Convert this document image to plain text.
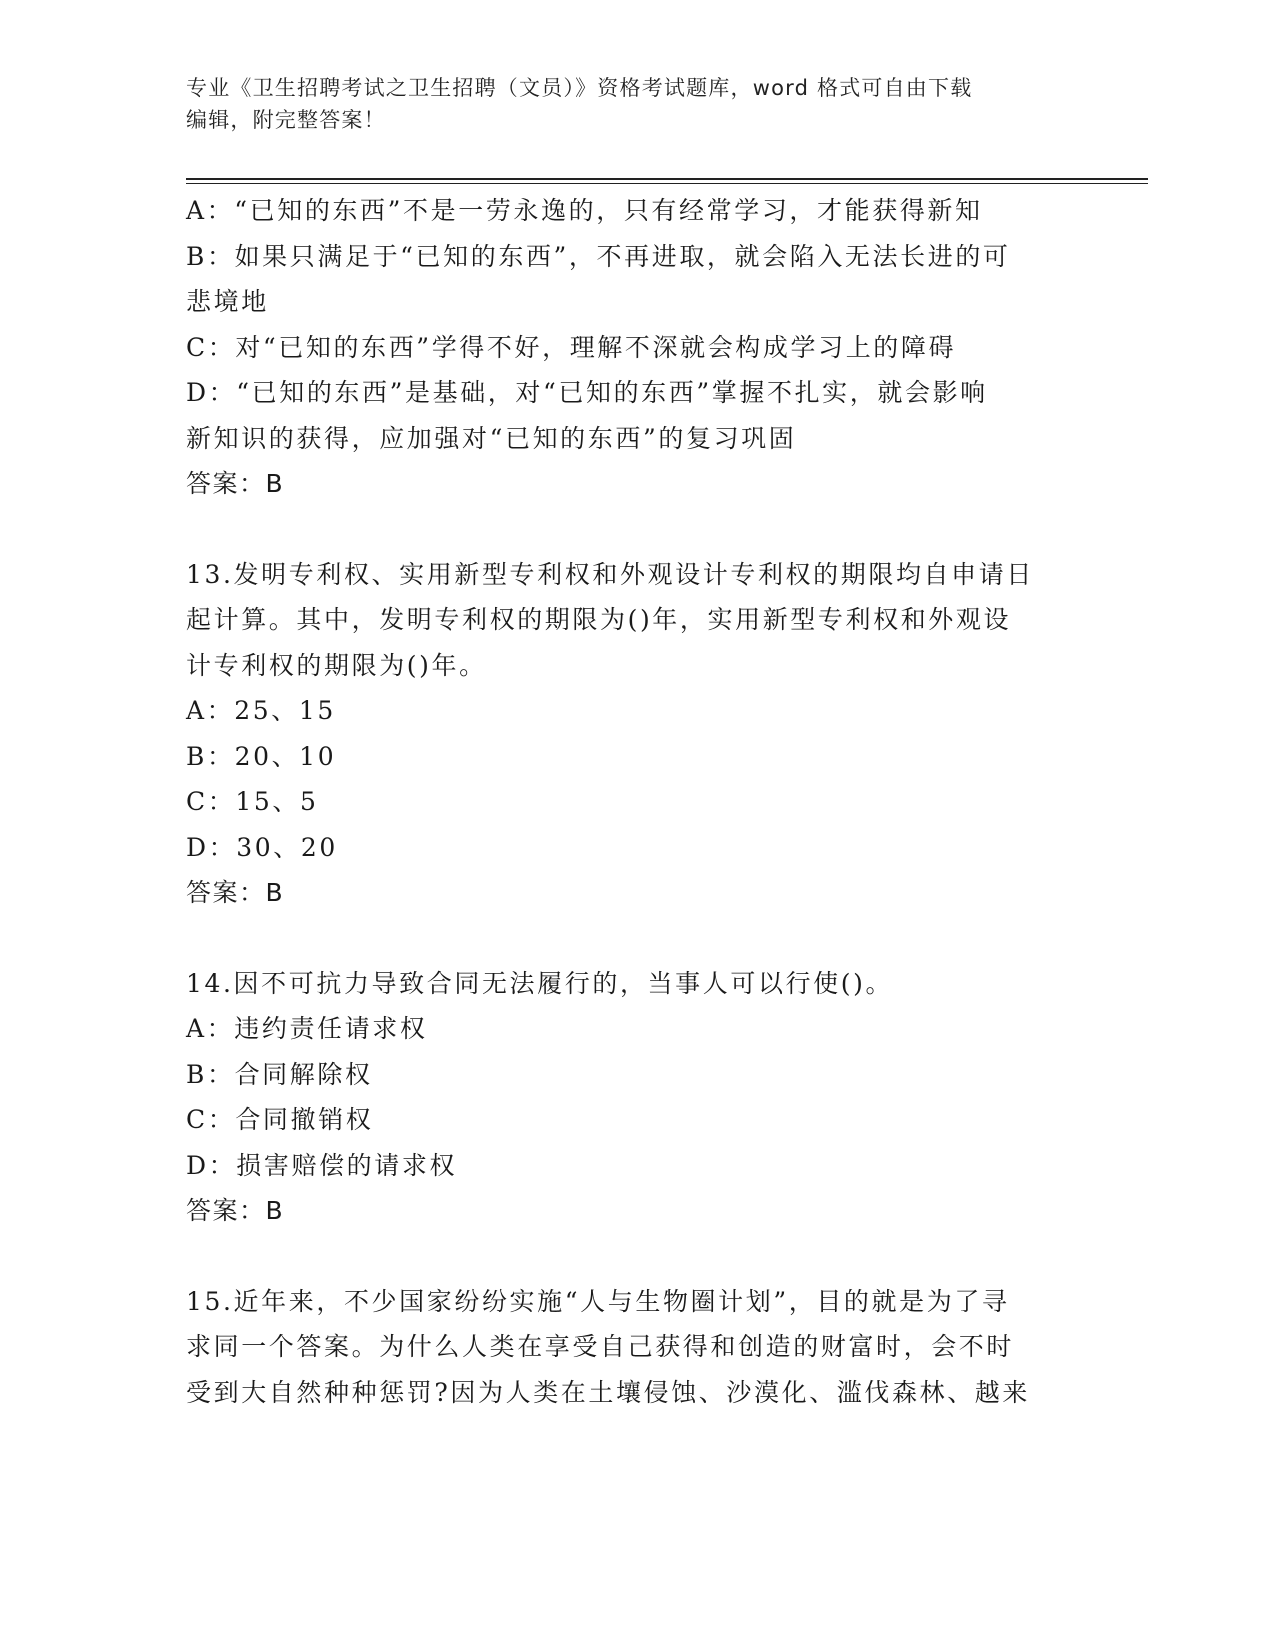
专业《卫生招聘考试之卫生招聘（文员）》资格考试题库，word 格式可自由下载
编辑，附完整答案！

A：“已知的东西”不是一劳永逸的，只有经常学习，才能获得新知

B：如果只满足于“已知的东西”，不再进取，就会陷入无法长进的可

悲境地

C：对“已知的东西”学得不好，理解不深就会构成学习上的障碍

D：“已知的东西”是基础，对“已知的东西”掌握不扎实，就会影响

新知识的获得，应加强对“已知的东西”的复习巩固

答案：B

13.发明专利权、实用新型专利权和外观设计专利权的期限均自申请日

起计算。其中，发明专利权的期限为()年，实用新型专利权和外观设

计专利权的期限为()年。

A：25、15

B：20、10

C：15、5

D：30、20

答案：B

14.因不可抗力导致合同无法履行的，当事人可以行使()。

A：违约责任请求权

B：合同解除权

C：合同撤销权

D：损害赔偿的请求权

答案：B

15.近年来，不少国家纷纷实施“人与生物圈计划”，目的就是为了寻

求同一个答案。为什么人类在享受自己获得和创造的财富时，会不时

受到大自然种种惩罚?因为人类在土壤侵蚀、沙漠化、滥伐森林、越来
